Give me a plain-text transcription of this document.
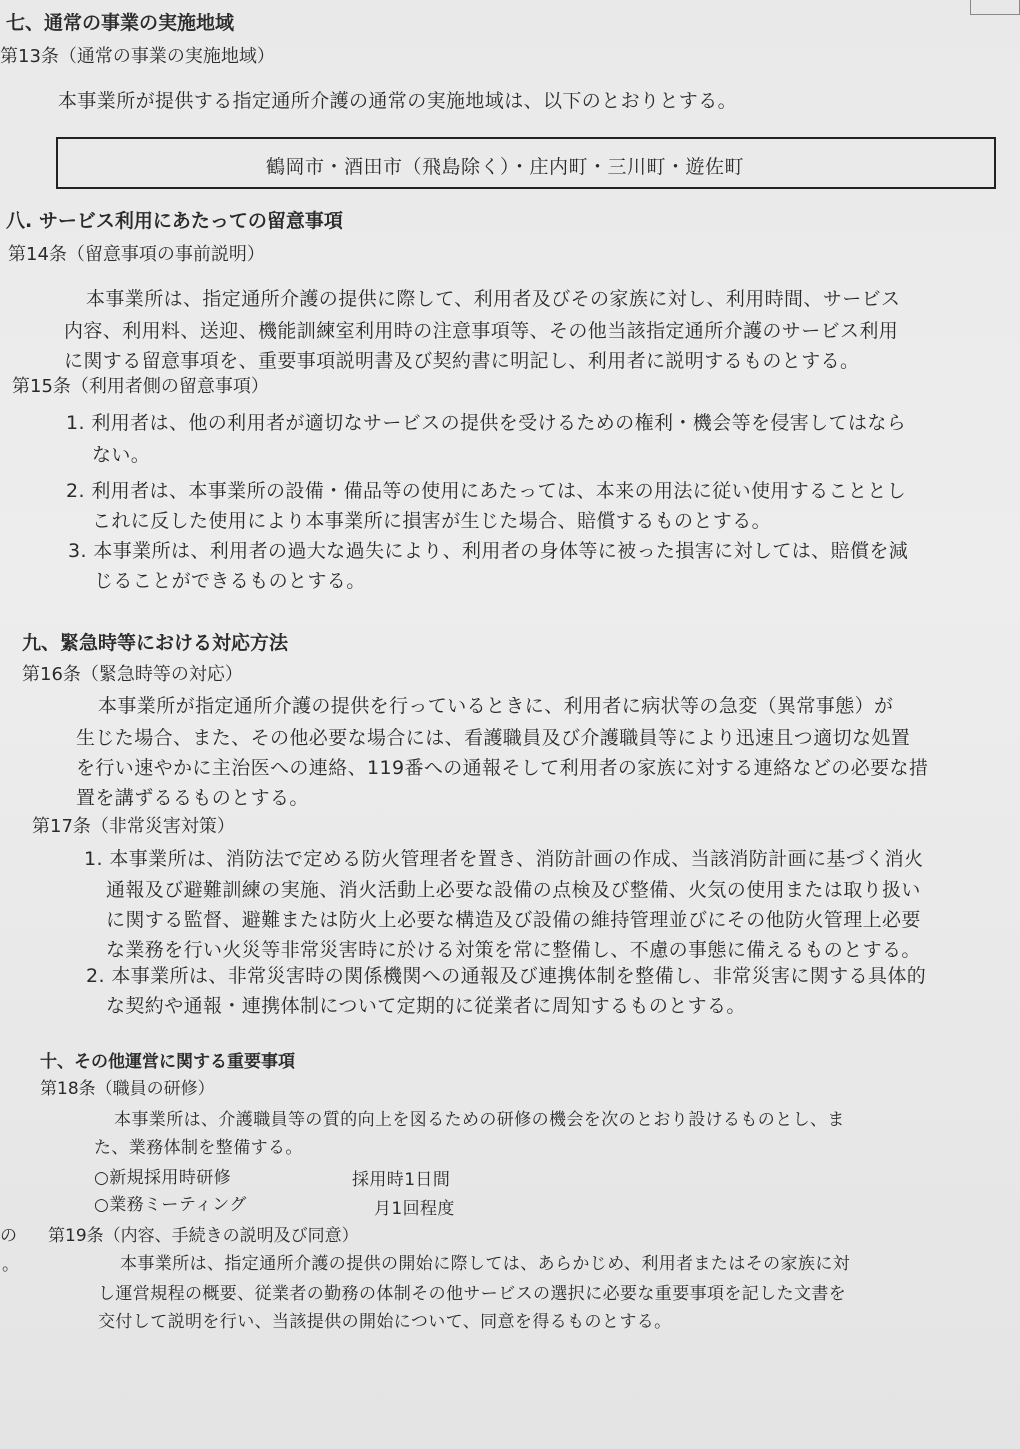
七、通常の事業の実施地域
第13条（通常の事業の実施地域）
本事業所が提供する指定通所介護の通常の実施地域は、以下のとおりとする。
鶴岡市・酒田市（飛島除く）・庄内町・三川町・遊佐町
八. サービス利用にあたっての留意事項
第14条（留意事項の事前説明）
本事業所は、指定通所介護の提供に際して、利用者及びその家族に対し、利用時間、サービス
内容、利用料、送迎、機能訓練室利用時の注意事項等、その他当該指定通所介護のサービス利用
に関する留意事項を、重要事項説明書及び契約書に明記し、利用者に説明するものとする。
第15条（利用者側の留意事項）
1. 利用者は、他の利用者が適切なサービスの提供を受けるための権利・機会等を侵害してはなら
ない。
2. 利用者は、本事業所の設備・備品等の使用にあたっては、本来の用法に従い使用することとし
これに反した使用により本事業所に損害が生じた場合、賠償するものとする。
3. 本事業所は、利用者の過大な過失により、利用者の身体等に被った損害に対しては、賠償を減
じることができるものとする。
九、緊急時等における対応方法
第16条（緊急時等の対応）
本事業所が指定通所介護の提供を行っているときに、利用者に病状等の急変（異常事態）が
生じた場合、また、その他必要な場合には、看護職員及び介護職員等により迅速且つ適切な処置
を行い速やかに主治医への連絡、119番への通報そして利用者の家族に対する連絡などの必要な措
置を講ずるるものとする。
第17条（非常災害対策）
1. 本事業所は、消防法で定める防火管理者を置き、消防計画の作成、当該消防計画に基づく消火
通報及び避難訓練の実施、消火活動上必要な設備の点検及び整備、火気の使用または取り扱い
に関する監督、避難または防火上必要な構造及び設備の維持管理並びにその他防火管理上必要
な業務を行い火災等非常災害時に於ける対策を常に整備し、不慮の事態に備えるものとする。
2. 本事業所は、非常災害時の関係機関への通報及び連携体制を整備し、非常災害に関する具体的
な契約や通報・連携体制について定期的に従業者に周知するものとする。
十、その他運営に関する重要事項
第18条（職員の研修）
本事業所は、介護職員等の質的向上を図るための研修の機会を次のとおり設けるものとし、ま
た、業務体制を整備する。
○新規採用時研修	採用時1日間
○業務ミーティング	月1回程度
の
。
第19条（内容、手続きの説明及び同意）
本事業所は、指定通所介護の提供の開始に際しては、あらかじめ、利用者またはその家族に対
し運営規程の概要、従業者の勤務の体制その他サービスの選択に必要な重要事項を記した文書を
交付して説明を行い、当該提供の開始について、同意を得るものとする。
